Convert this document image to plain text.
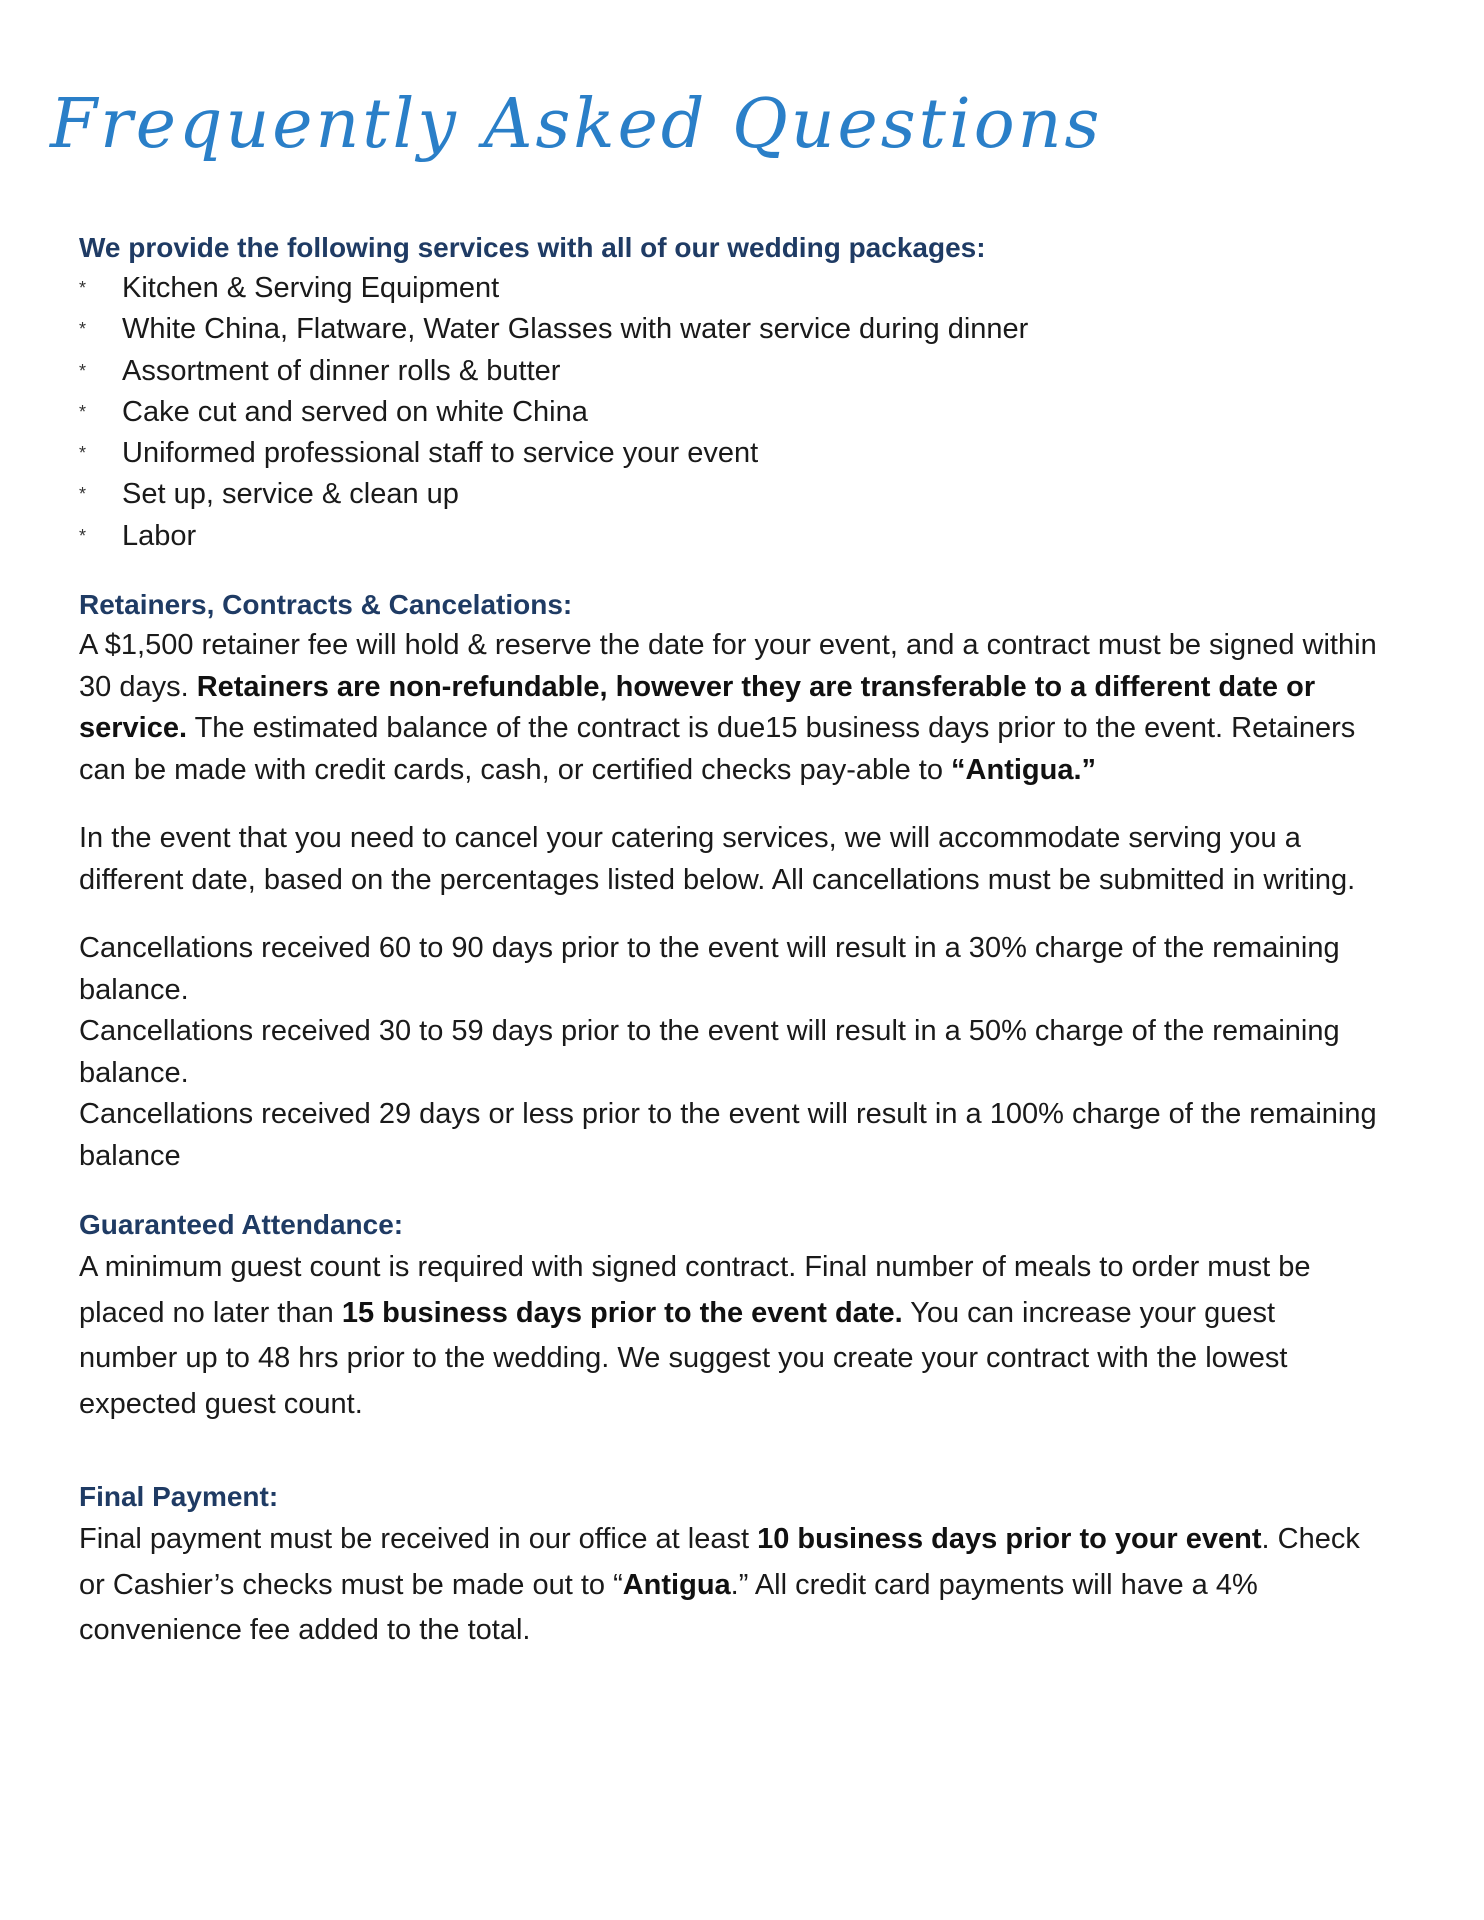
Frequently Asked Questions
We provide the following services with all of our wedding packages:
* Kitchen & Serving Equipment
* White China, Flatware, Water Glasses with water service during dinner
* Assortment of dinner rolls & butter
* Cake cut and served on white China
* Uniformed professional staff to service your event
* Set up, service & clean up
* Labor
Retainers, Contracts & Cancelations:

A $1,500 retainer fee will hold & reserve the date for your event, and a contract must be signed within 30 days. Retainers are non-refundable, however they are transferable to a different date or service. The estimated balance of the contract is due15 business days prior to the event. Retainers can be made with credit cards, cash, or certified checks pay-able to “Antigua.”

In the event that you need to cancel your catering services, we will accommodate serving you a different date, based on the percentages listed below. All cancellations must be submitted in writing.

Cancellations received 60 to 90 days prior to the event will result in a 30% charge of the remaining balance.

Cancellations received 30 to 59 days prior to the event will result in a 50% charge of the remaining balance.

Cancellations received 29 days or less prior to the event will result in a 100% charge of the remaining balance

Guaranteed Attendance:

A minimum guest count is required with signed contract. Final number of meals to order must be placed no later than 15 business days prior to the event date. You can increase your guest number up to 48 hrs prior to the wedding. We suggest you create your contract with the lowest expected guest count.

Final Payment:

Final payment must be received in our office at least 10 business days prior to your event. Check or Cashier’s checks must be made out to “Antigua.” All credit card payments will have a 4% convenience fee added to the total.
